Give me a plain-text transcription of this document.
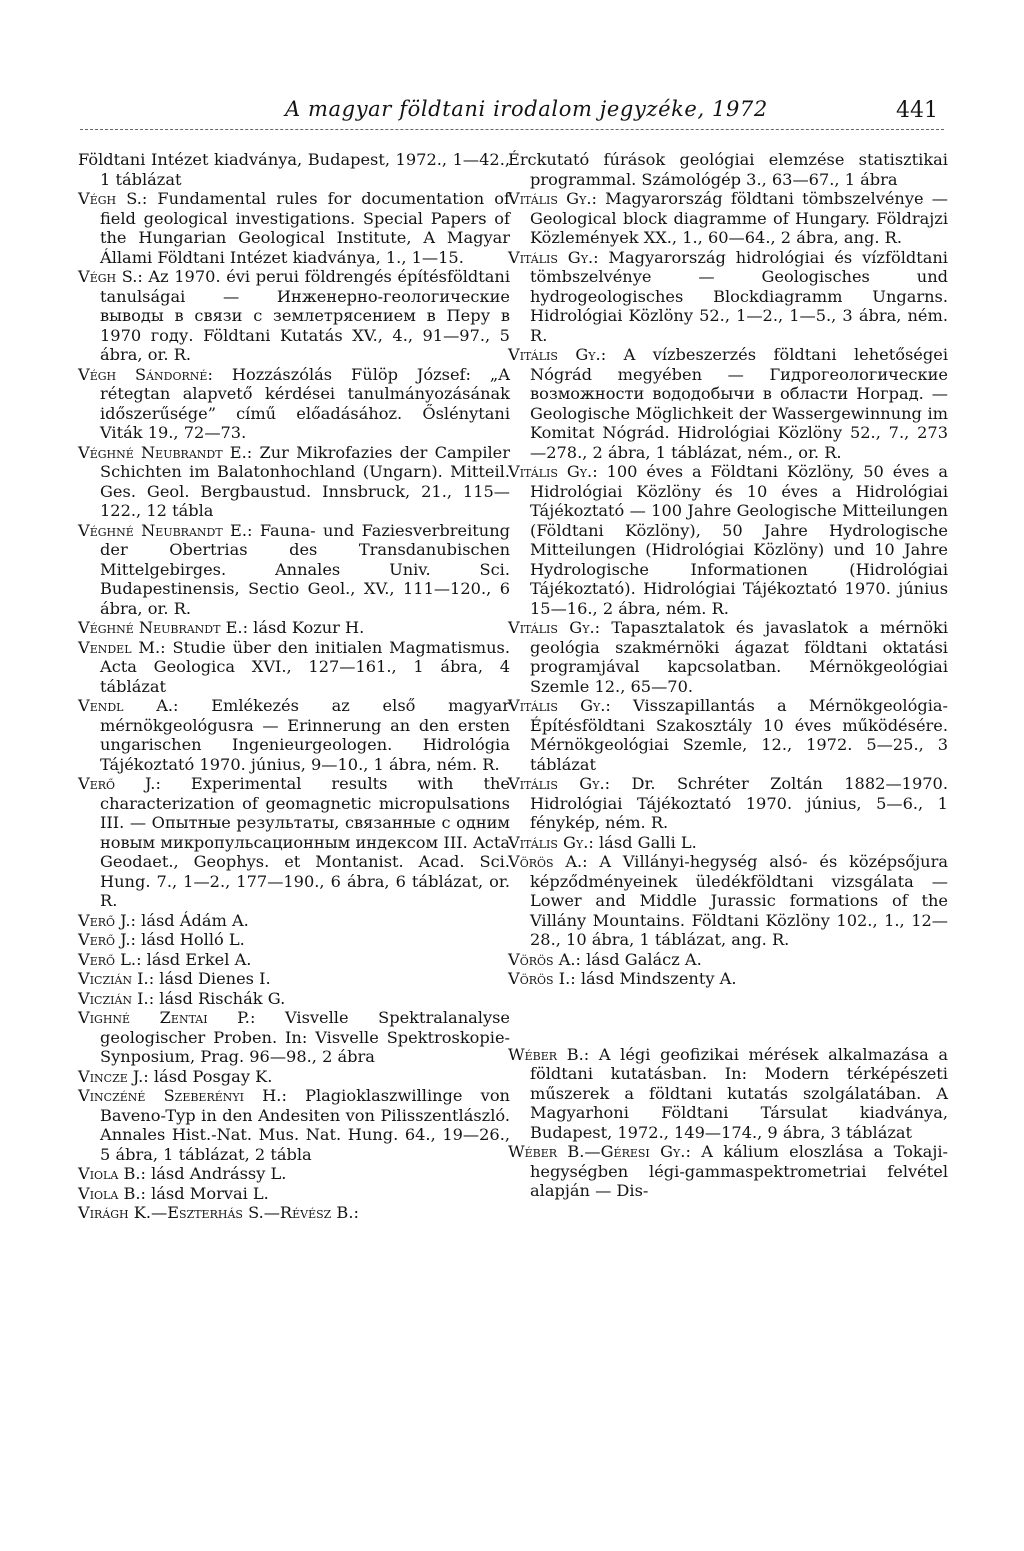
A magyar földtani irodalom jegyzéke, 1972	441

Földtani Intézet kiadványa, Budapest, 1972., 1—42., 1 táblázat

Végh S.: Fundamental rules for documentation of field geological investigations. Special Papers of the Hungarian Geological Institute, A Magyar Állami Földtani Intézet kiadványa, 1., 1—15.

Végh S.: Az 1970. évi perui földrengés építésföldtani tanulságai — Инженерно-геологические выводы в связи с землетрясением в Перу в 1970 году. Földtani Kutatás XV., 4., 91—97., 5 ábra, or. R.

Végh Sándorné: Hozzászólás Fülöp József: „A rétegtan alapvető kérdései tanulmányozásának időszerűsége” című előadásához. Őslénytani Viták 19., 72—73.

Véghné Neubrandt E.: Zur Mikrofazies der Campiler Schichten im Balatonhochland (Ungarn). Mitteil. Ges. Geol. Bergbaustud. Innsbruck, 21., 115—122., 12 tábla

Véghné Neubrandt E.: Fauna- und Faziesverbreitung der Obertrias des Transdanubischen Mittelgebirges. Annales Univ. Sci. Budapestinensis, Sectio Geol., XV., 111—120., 6 ábra, or. R.

Véghné Neubrandt E.: lásd Kozur H.

Vendel M.: Studie über den initialen Magmatismus. Acta Geologica XVI., 127—161., 1 ábra, 4 táblázat

Vendl A.: Emlékezés az első magyar mérnökgeológusra — Erinnerung an den ersten ungarischen Ingenieurgeologen. Hidrológia Tájékoztató 1970. június, 9—10., 1 ábra, ném. R.

Verő J.: Experimental results with the characterization of geomagnetic micropulsations III. — Опытные результаты, связанные с одним новым микропульсационным индексом III. Acta Geodaet., Geophys. et Montanist. Acad. Sci. Hung. 7., 1—2., 177—190., 6 ábra, 6 táblázat, or. R.

Verő J.: lásd Ádám A.

Verő J.: lásd Holló L.

Verő L.: lásd Erkel A.

Viczián I.: lásd Dienes I.

Viczián I.: lásd Rischák G.

Vighné Zentai P.: Visvelle Spektralanalyse geologischer Proben. In: Visvelle Spektroskopie-Synposium, Prag. 96—98., 2 ábra

Vincze J.: lásd Posgay K.

Vinczéné Szeberényi H.: Plagioklaszwillinge von Baveno-Typ in den Andesiten von Pilisszentlászló. Annales Hist.-Nat. Mus. Nat. Hung. 64., 19—26., 5 ábra, 1 táblázat, 2 tábla

Viola B.: lásd Andrássy L.

Viola B.: lásd Morvai L.

Virágh K.—Eszterhás S.—Révész B.:

Érckutató fúrások geológiai elemzése statisztikai programmal. Számológép 3., 63—67., 1 ábra

Vitális Gy.: Magyarország földtani tömbszelvénye — Geological block diagramme of Hungary. Földrajzi Közlemények XX., 1., 60—64., 2 ábra, ang. R.

Vitális Gy.: Magyarország hidrológiai és vízföldtani tömbszelvénye — Geologisches und hydrogeologisches Blockdiagramm Ungarns. Hidrológiai Közlöny 52., 1—2., 1—5., 3 ábra, ném. R.

Vitális Gy.: A vízbeszerzés földtani lehetőségei Nógrád megyében — Гидрогеологические возможности вододобычи в области Ноград. — Geologische Möglichkeit der Wassergewinnung im Komitat Nógrád. Hidrológiai Közlöny 52., 7., 273—278., 2 ábra, 1 táblázat, ném., or. R.

Vitális Gy.: 100 éves a Földtani Közlöny, 50 éves a Hidrológiai Közlöny és 10 éves a Hidrológiai Tájékoztató — 100 Jahre Geologische Mitteilungen (Földtani Közlöny), 50 Jahre Hydrologische Mitteilungen (Hidrológiai Közlöny) und 10 Jahre Hydrologische Informationen (Hidrológiai Tájékoztató). Hidrológiai Tájékoztató 1970. június 15—16., 2 ábra, ném. R.

Vitális Gy.: Tapasztalatok és javaslatok a mérnöki geológia szakmérnöki ágazat földtani oktatási programjával kapcsolatban. Mérnökgeológiai Szemle 12., 65—70.

Vitális Gy.: Visszapillantás a Mérnökgeológia-Építésföldtani Szakosztály 10 éves működésére. Mérnökgeológiai Szemle, 12., 1972. 5—25., 3 táblázat

Vitális Gy.: Dr. Schréter Zoltán 1882—1970. Hidrológiai Tájékoztató 1970. június, 5—6., 1 fénykép, ném. R.

Vitális Gy.: lásd Galli L.

Vörös A.: A Villányi-hegység alsó- és középsőjura képződményeinek üledékföldtani vizsgálata — Lower and Middle Jurassic formations of the Villány Mountains. Földtani Közlöny 102., 1., 12—28., 10 ábra, 1 táblázat, ang. R.

Vörös A.: lásd Galácz A.

Vörös I.: lásd Mindszenty A.

Wéber B.: A légi geofizikai mérések alkalmazása a földtani kutatásban. In: Modern térképészeti műszerek a földtani kutatás szolgálatában. A Magyarhoni Földtani Társulat kiadványa, Budapest, 1972., 149—174., 9 ábra, 3 táblázat

Wéber B.—Géresi Gy.: A kálium eloszlása a Tokaji-hegységben légi-gammaspektrometriai felvétel alapján — Dis-
